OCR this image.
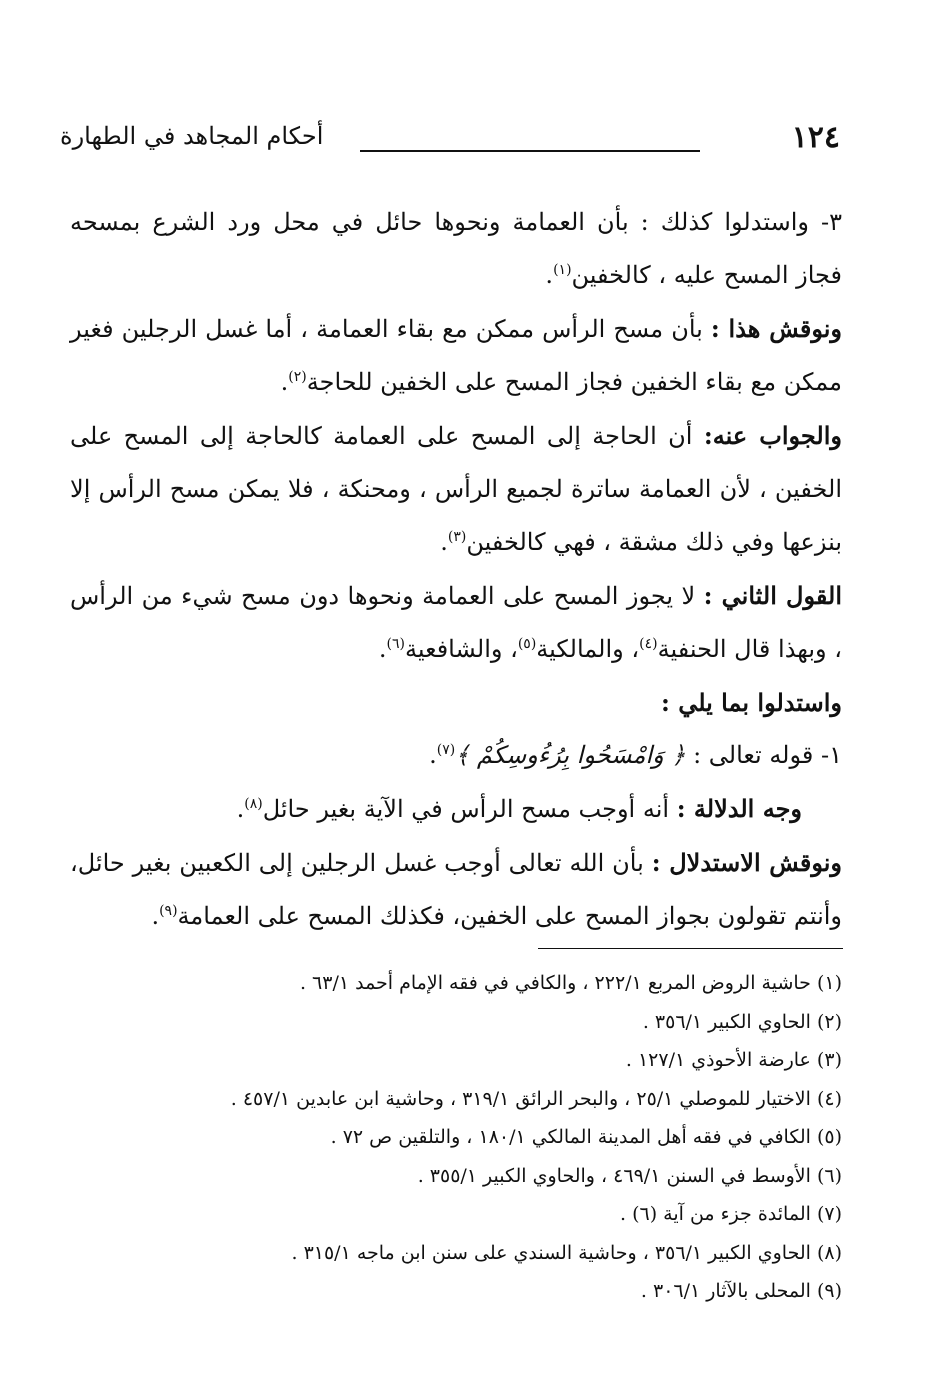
١٢٤
أحكام المجاهد في الطهارة

٣- واستدلوا كذلك : بأن العمامة ونحوها حائل في محل ورد الشرع بمسحه فجاز المسح عليه ، كالخفين$^{(١)}$.

ونوقش هذا : بأن مسح الرأس ممكن مع بقاء العمامة ، أما غسل الرجلين فغير ممكن مع بقاء الخفين فجاز المسح على الخفين للحاجة$^{(٢)}$.

والجواب عنه: أن الحاجة إلى المسح على العمامة كالحاجة إلى المسح على الخفين ، لأن العمامة ساترة لجميع الرأس ، ومحنكة ، فلا يمكن مسح الرأس إلا بنزعها وفي ذلك مشقة ، فهي كالخفين$^{(٣)}$.

القول الثاني : لا يجوز المسح على العمامة ونحوها دون مسح شيء من الرأس ، وبهذا قال الحنفية$^{(٤)}$، والمالكية$^{(٥)}$، والشافعية$^{(٦)}$.

واستدلوا بما يلي :

١- قوله تعالى : ﴿ وَامْسَحُوا بِرُءُوسِكُمْ ﴾$^{(٧)}$.

وجه الدلالة : أنه أوجب مسح الرأس في الآية بغير حائل$^{(٨)}$.

ونوقش الاستدلال : بأن الله تعالى أوجب غسل الرجلين إلى الكعبين بغير حائل، وأنتم تقولون بجواز المسح على الخفين، فكذلك المسح على العمامة$^{(٩)}$.

(١) حاشية الروض المربع ٢٢٢/١ ، والكافي في فقه الإمام أحمد ٦٣/١ .

(٢) الحاوي الكبير ٣٥٦/١ .

(٣) عارضة الأحوذي ١٢٧/١ .

(٤) الاختيار للموصلي ٢٥/١ ، والبحر الرائق ٣١٩/١ ، وحاشية ابن عابدين ٤٥٧/١ .

(٥) الكافي في فقه أهل المدينة المالكي ١٨٠/١ ، والتلقين ص ٧٢ .

(٦) الأوسط في السنن ٤٦٩/١ ، والحاوي الكبير ٣٥٥/١ .

(٧) المائدة جزء من آية (٦) .

(٨) الحاوي الكبير ٣٥٦/١ ، وحاشية السندي على سنن ابن ماجه ٣١٥/١ .

(٩) المحلى بالآثار ٣٠٦/١ .
